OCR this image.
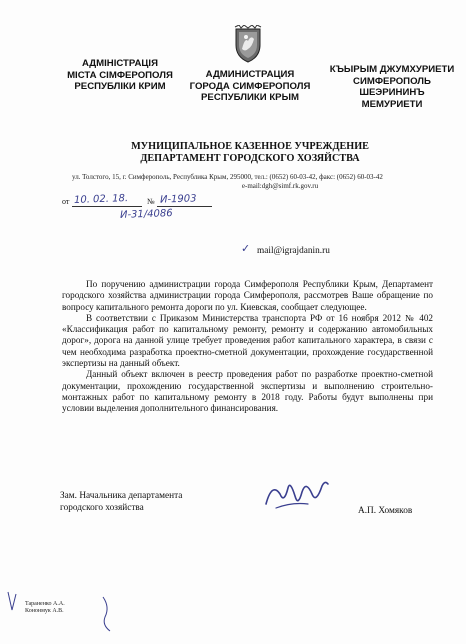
АДМІНІСТРАЦІЯ
МІСТА СІМФЕРОПОЛЯ
РЕСПУБЛІКИ КРИМ
АДМИНИСТРАЦИЯ
ГОРОДА СИМФЕРОПОЛЯ
РЕСПУБЛИКИ КРЫМ
КЪЫРЫМ ДЖУМХУРИЕТИ
СИМФЕРОПОЛЬ
ШЕЭРИНИНЪ
МЕМУРИЕТИ
МУНИЦИПАЛЬНОЕ КАЗЕННОЕ УЧРЕЖДЕНИЕ
ДЕПАРТАМЕНТ ГОРОДСКОГО ХОЗЯЙСТВА
ул. Толстого, 15, г. Симферополь, Республика Крым, 295000, тел.: (0652) 60-03-42, факс: (0652) 60-03-42
e-mail:dgh@simf.rk.gov.ru
от 10. 02. 18. № И-1903
И-31/4086
✓ mail@igrajdanin.ru

По поручению администрации города Симферополя Республики Крым, Департамент городского хозяйства администрации города Симферополя, рассмотрев Ваше обращение по вопросу капитального ремонта дороги по ул. Киевская, сообщает следующее.

В соответствии с Приказом Министерства транспорта РФ от 16 ноября 2012 № 402 «Классификация работ по капитальному ремонту, ремонту и содержанию автомобильных дорог», дорога на данной улице требует проведения работ капитального характера, в связи с чем необходима разработка проектно-сметной документации, прохождение государственной экспертизы на данный объект.

Данный объект включен в реестр проведения работ по разработке проектно-сметной документации, прохождению государственной экспертизы и выполнению строительно-монтажных работ по капитальному ремонту в 2018 году. Работы будут выполнены при условии выделения дополнительного финансирования.

Зам. Начальника департамента
городского хозяйства	А.П. Хомяков
Тараненко А.А.
Кононмук А.В.
